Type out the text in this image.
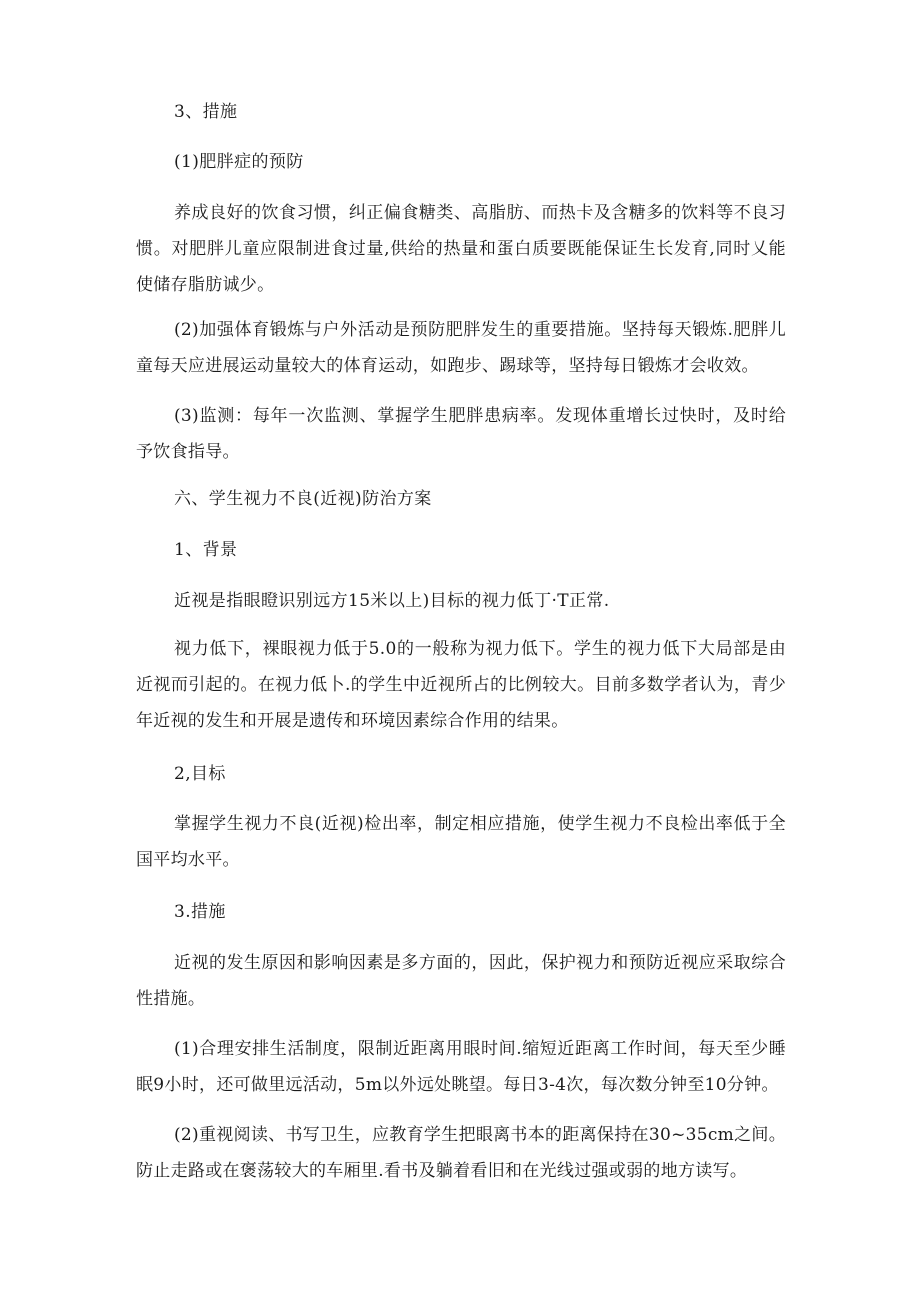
3、措施
(1)肥胖症的预防
养成良好的饮食习惯，纠正偏食糖类、高脂肪、而热卡及含糖多的饮料等不良习惯。对肥胖儿童应限制进食过量,供给的热量和蛋白质要既能保证生长发育,同时乂能使储存脂肪诚少。
(2)加强体育锻炼与户外活动是预防肥胖发生的重要措施。坚持每天锻炼.肥胖儿童每天应进展运动量较大的体育运动，如跑步、踢球等，坚持每日锻炼才会收效。
(3)监测：每年一次监测、掌握学生肥胖患病率。发现体重增长过快时，及时给予饮食指导。
六、学生视力不良(近视)防治方案
1、背景
近视是指眼瞪识别远方15米以上)目标的视力低丁·T正常.
视力低下，裸眼视力低于5.0的一般称为视力低下。学生的视力低下大局部是由近视而引起的。在视力低卜.的学生中近视所占的比例较大。目前多数学者认为，青少年近视的发生和开展是遗传和环境因素综合作用的结果。
2,目标
掌握学生视力不良(近视)检出率，制定相应措施，使学生视力不良检出率低于全国平均水平。
3.措施
近视的发生原因和影响因素是多方面的，因此，保护视力和预防近视应采取综合性措施。
(1)合理安排生活制度，限制近距离用眼时间.缩短近距离工作时间，每天至少睡眠9小时，还可做里远活动，5m以外远处眺望。每日3-4次，每次数分钟至10分钟。
(2)重视阅读、书写卫生，应教育学生把眼离书本的距离保持在30~35cm之间。防止走路或在褒荡较大的车厢里.看书及躺着看旧和在光线过强或弱的地方读写。
